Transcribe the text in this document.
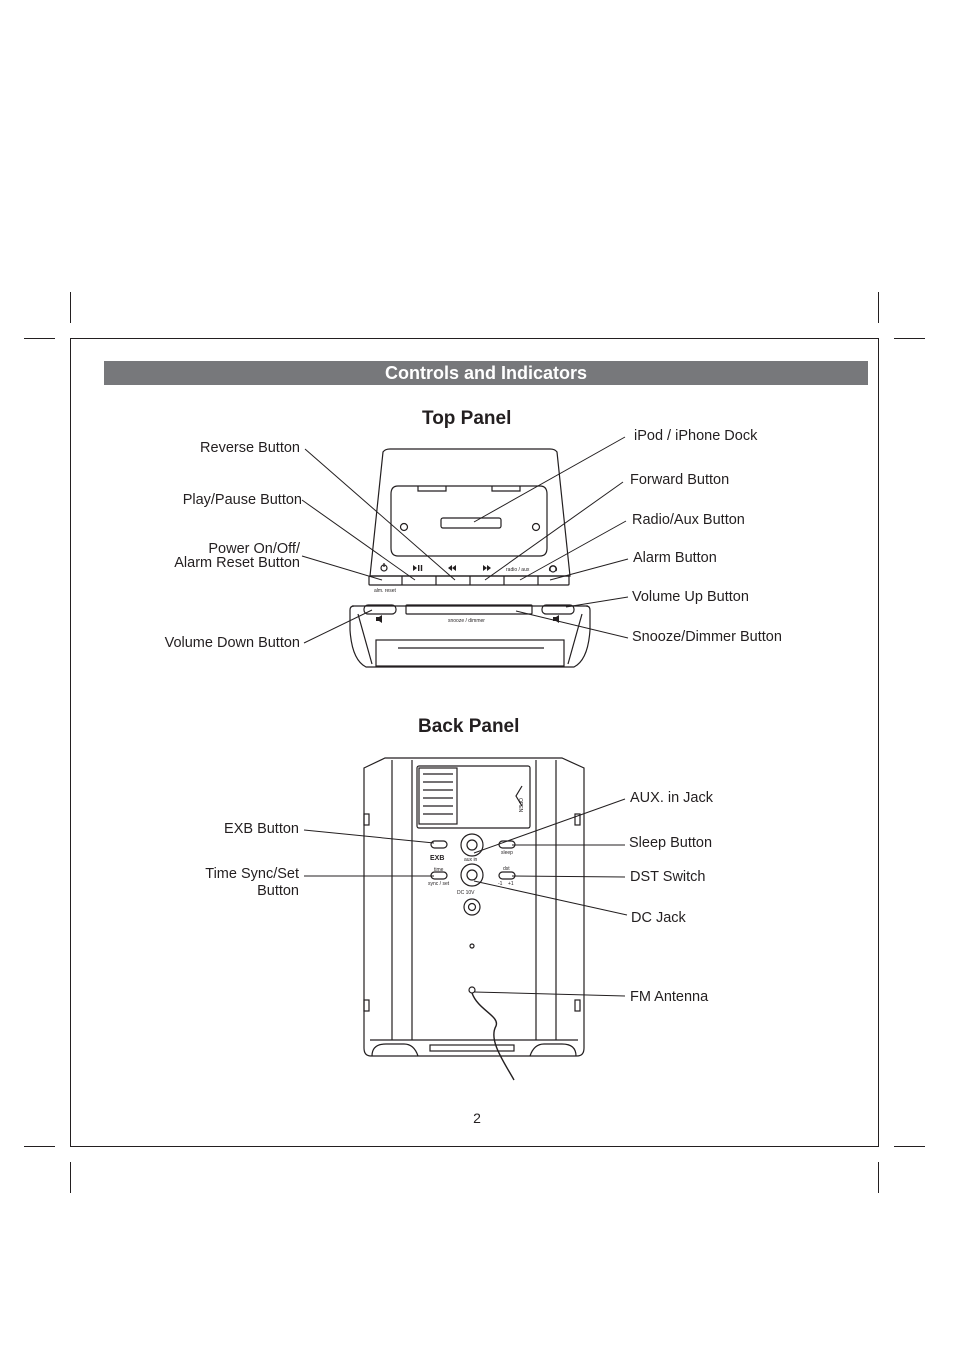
Controls and Indicators
Top Panel
Back Panel
alm. reset
radio / aux
snooze / dimmer
EXB
time
sync / set
aux in
sleep
dst
-1 +1
DC 10V
OPEN
Reverse Button
Play/Pause Button
Power On/Off/
Alarm Reset Button
Volume Down Button
iPod / iPhone Dock
Forward Button
Radio/Aux Button
Alarm Button
Volume Up Button
Snooze/Dimmer Button
EXB Button
Time Sync/Set
Button
AUX. in Jack
Sleep Button
DST Switch
DC Jack
FM Antenna
2
